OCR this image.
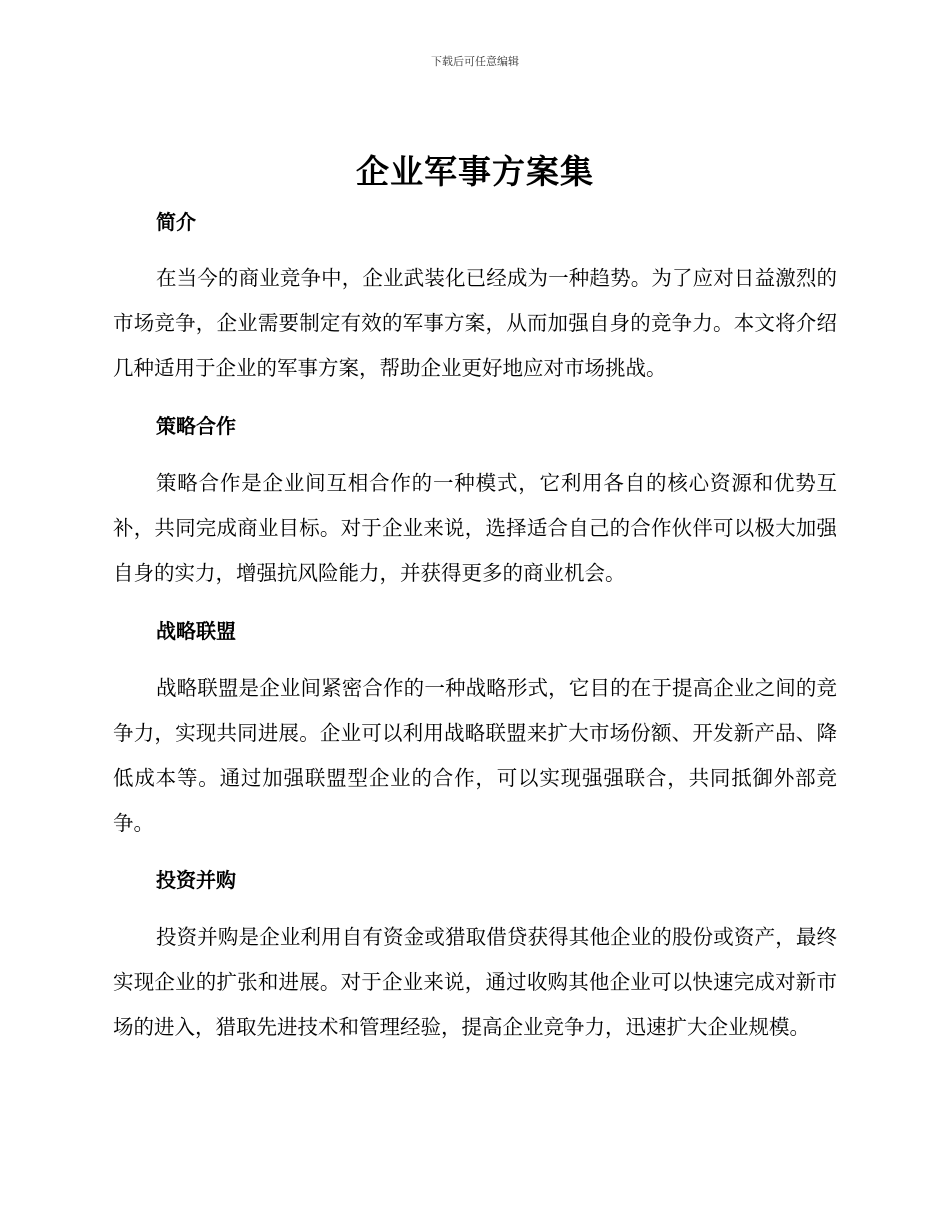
下载后可任意编辑
企业军事方案集
简介

在当今的商业竞争中，企业武装化已经成为一种趋势。为了应对日益激烈的市场竞争，企业需要制定有效的军事方案，从而加强自身的竞争力。本文将介绍几种适用于企业的军事方案，帮助企业更好地应对市场挑战。

策略合作

策略合作是企业间互相合作的一种模式，它利用各自的核心资源和优势互补，共同完成商业目标。对于企业来说，选择适合自己的合作伙伴可以极大加强自身的实力，增强抗风险能力，并获得更多的商业机会。

战略联盟

战略联盟是企业间紧密合作的一种战略形式，它目的在于提高企业之间的竞争力，实现共同进展。企业可以利用战略联盟来扩大市场份额、开发新产品、降低成本等。通过加强联盟型企业的合作，可以实现强强联合，共同抵御外部竞争。

投资并购

投资并购是企业利用自有资金或猎取借贷获得其他企业的股份或资产，最终实现企业的扩张和进展。对于企业来说，通过收购其他企业可以快速完成对新市场的进入，猎取先进技术和管理经验，提高企业竞争力，迅速扩大企业规模。
